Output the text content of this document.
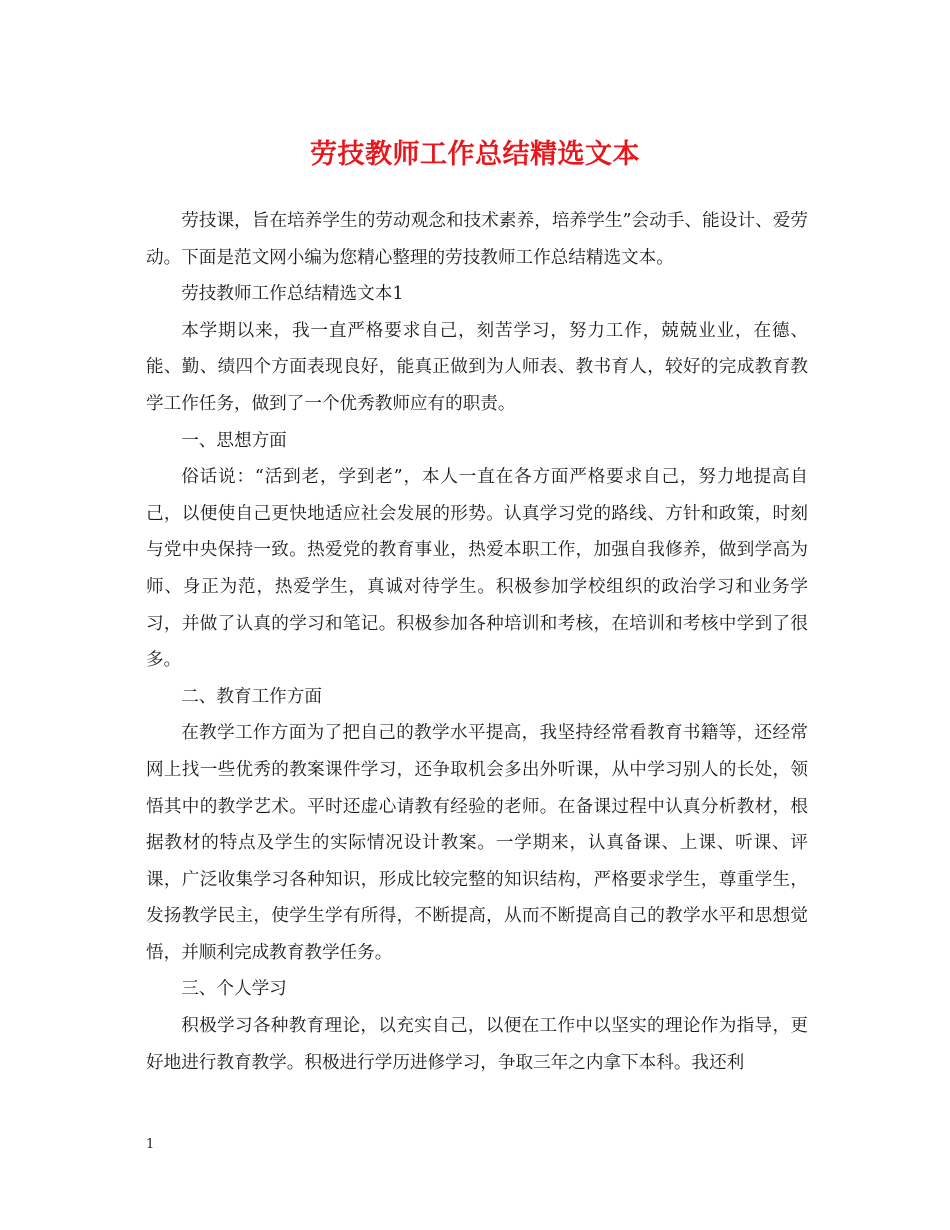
劳技教师工作总结精选文本

劳技课，旨在培养学生的劳动观念和技术素养，培养学生”会动手、能设计、爱劳动。下面是范文网小编为您精心整理的劳技教师工作总结精选文本。

劳技教师工作总结精选文本1

本学期以来，我一直严格要求自己，刻苦学习，努力工作，兢兢业业，在德、能、勤、绩四个方面表现良好，能真正做到为人师表、教书育人，较好的完成教育教学工作任务，做到了一个优秀教师应有的职责。

一、思想方面

俗话说：“活到老，学到老”，本人一直在各方面严格要求自己，努力地提高自己，以便使自己更快地适应社会发展的形势。认真学习党的路线、方针和政策，时刻与党中央保持一致。热爱党的教育事业，热爱本职工作，加强自我修养，做到学高为师、身正为范，热爱学生，真诚对待学生。积极参加学校组织的政治学习和业务学习，并做了认真的学习和笔记。积极参加各种培训和考核，在培训和考核中学到了很多。

二、教育工作方面

在教学工作方面为了把自己的教学水平提高，我坚持经常看教育书籍等，还经常网上找一些优秀的教案课件学习，还争取机会多出外听课，从中学习别人的长处，领悟其中的教学艺术。平时还虚心请教有经验的老师。在备课过程中认真分析教材，根据教材的特点及学生的实际情况设计教案。一学期来，认真备课、上课、听课、评课，广泛收集学习各种知识，形成比较完整的知识结构，严格要求学生，尊重学生，发扬教学民主，使学生学有所得，不断提高，从而不断提高自己的教学水平和思想觉悟，并顺利完成教育教学任务。

三、个人学习

积极学习各种教育理论，以充实自己，以便在工作中以坚实的理论作为指导，更好地进行教育教学。积极进行学历进修学习，争取三年之内拿下本科。我还利

1
